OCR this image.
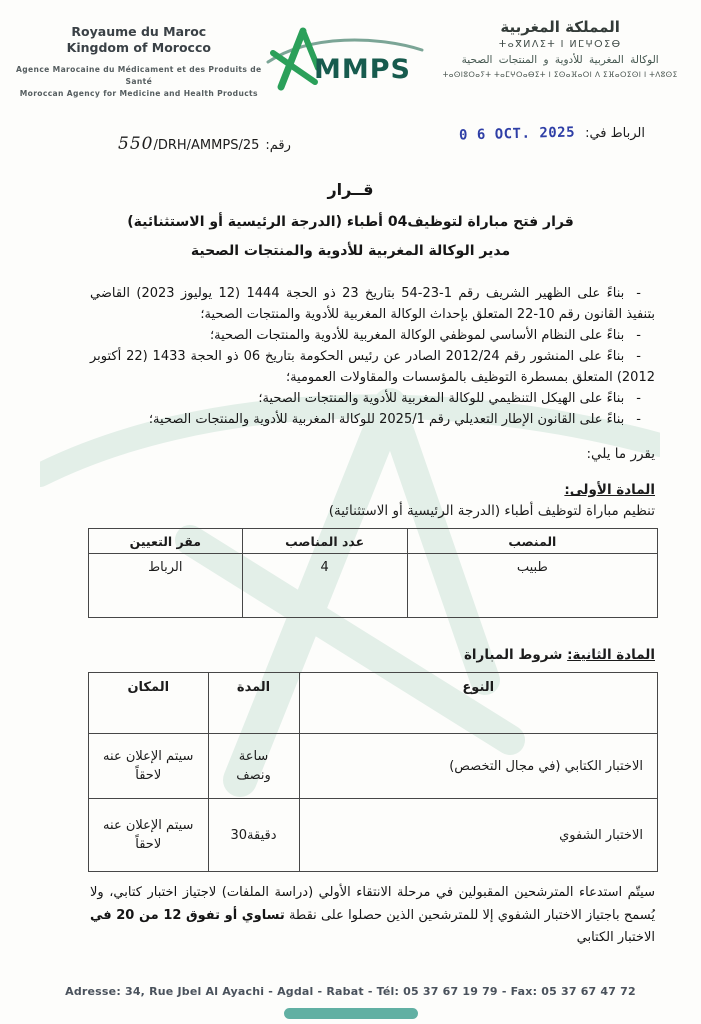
Royaume du Maroc
Kingdom of Morocco
Agence Marocaine du Médicament et des Produits de Santé
Moroccan Agency for Medicine and Health Products
MMPS
المملكة المغربية
ⵜⴰⴳⵍⴷⵉⵜ ⵏ ⵍⵎⵖⵔⵉⴱ
الوكالة المغربية للأدوية و المنتجات الصحية
ⵜⴰⵙⵏⵓⵔⴰⵢⵜ ⵜⴰⵎⵖⵔⴰⴱⵉⵜ ⵏ ⵉⵙⴰⴼⴰⵔⵏ ⴷ ⵉⴼⴰⵔⵉⵙⵏ ⵏ ⵜⴷⵓⵙⵉ
الرباط في:
0 6 OCT. 2025
رقم:
550/DRH/AMMPS/25
قــرار
قرار فتح مباراة لتوظيف04 أطباء (الدرجة الرئيسية أو الاستثنائية)
مدير الوكالة المغربية للأدوية والمنتجات الصحية
- بناءً على الظهير الشريف رقم 1-23-54 بتاريخ 23 ذو الحجة 1444 (12 يوليوز 2023) القاضي بتنفيذ القانون رقم 10-22 المتعلق بإحداث الوكالة المغربية للأدوية والمنتجات الصحية؛
- بناءً على النظام الأساسي لموظفي الوكالة المغربية للأدوية والمنتجات الصحية؛
- بناءً على المنشور رقم 2012/24 الصادر عن رئيس الحكومة بتاريخ 06 ذو الحجة 1433 (22 أكتوبر 2012) المتعلق بمسطرة التوظيف بالمؤسسات والمقاولات العمومية؛
- بناءً على الهيكل التنظيمي للوكالة المغربية للأدوية والمنتجات الصحية؛
- بناءً على القانون الإطار التعديلي رقم 2025/1 للوكالة المغربية للأدوية والمنتجات الصحية؛

يقرر ما يلي:

المادة الأولى:

تنظيم مباراة لتوظيف أطباء (الدرجة الرئيسية أو الاستثنائية)

المنصب	عدد المناصب	مقر التعيين
طبيب	4	الرباط
المادة الثانية: شروط المباراة
النوع	المدة	المكان
الاختبار الكتابي (في مجال التخصص)	ساعة ونصف	سيتم الإعلان عنه لاحقاً
الاختبار الشفوي	30دقيقة	سيتم الإعلان عنه لاحقاً

سيتّم استدعاء المترشحين المقبولين في مرحلة الانتقاء الأولي (دراسة الملفات) لاجتياز اختبار كتابي، ولا يُسمح باجتياز الاختبار الشفوي إلا للمترشحين الذين حصلوا على نقطة تساوي أو تفوق 12 من 20 في الاختبار الكتابي

Adresse: 34, Rue Jbel Al Ayachi - Agdal - Rabat - Tél: 05 37 67 19 79 - Fax: 05 37 67 47 72
